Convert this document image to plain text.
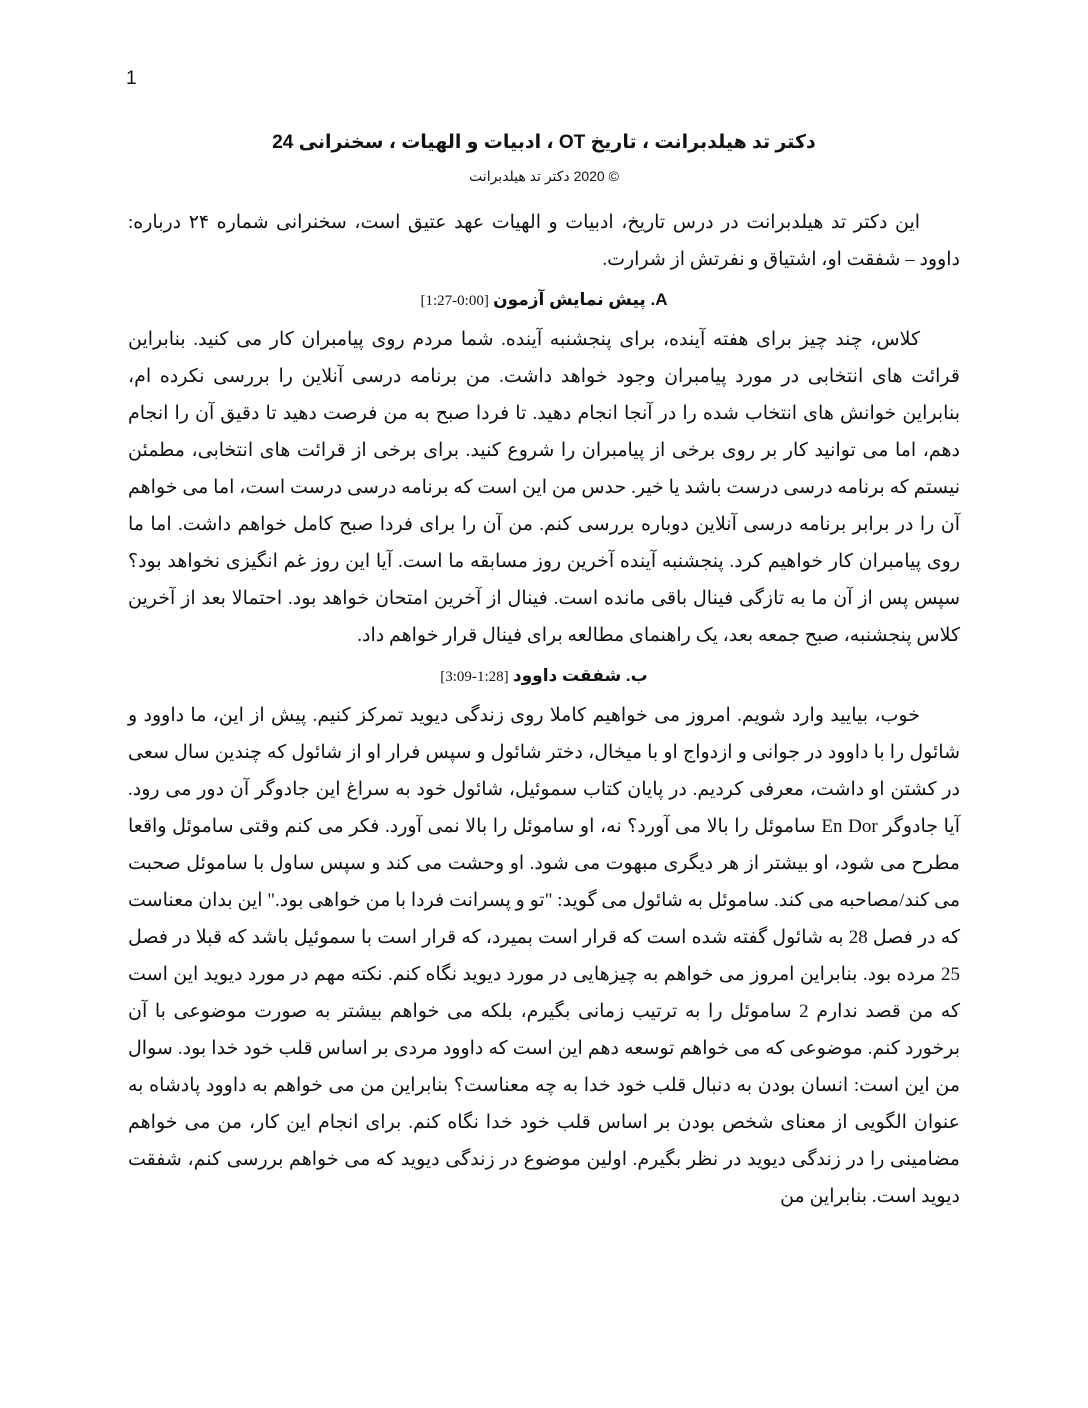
1
دکتر تد هیلدبرانت ، تاریخ OT ، ادبیات و الهیات ، سخنرانی 24
© 2020 دکتر تد هیلدبرانت

این دکتر تد هیلدبرانت در درس تاریخ، ادبیات و الهیات عهد عتیق است، سخنرانی شماره ۲۴ درباره: داوود – شفقت او، اشتیاق و نفرتش از شرارت.

A. پیش نمایش آزمون [0:00-1:27]

کلاس، چند چیز برای هفته آینده، برای پنجشنبه آینده. شما مردم روی پیامبران کار می کنید. بنابراین قرائت های انتخابی در مورد پیامبران وجود خواهد داشت. من برنامه درسی آنلاین را بررسی نکرده ام، بنابراین خوانش های انتخاب شده را در آنجا انجام دهید. تا فردا صبح به من فرصت دهید تا دقیق آن را انجام دهم، اما می توانید کار بر روی برخی از پیامبران را شروع کنید. برای برخی از قرائت های انتخابی، مطمئن نیستم که برنامه درسی درست باشد یا خیر. حدس من این است که برنامه درسی درست است، اما می خواهم آن را در برابر برنامه درسی آنلاین دوباره بررسی کنم. من آن را برای فردا صبح کامل خواهم داشت. اما ما روی پیامبران کار خواهیم کرد. پنجشنبه آینده آخرین روز مسابقه ما است. آیا این روز غم انگیزی نخواهد بود؟ سپس پس از آن ما به تازگی فینال باقی مانده است. فینال از آخرین امتحان خواهد بود. احتمالا بعد از آخرین کلاس پنجشنبه، صبح جمعه بعد، یک راهنمای مطالعه برای فینال قرار خواهم داد.

ب. شفقت داوود [1:28-3:09]

خوب، بیایید وارد شویم. امروز می خواهیم کاملا روی زندگی دیوید تمرکز کنیم. پیش از این، ما داوود و شائول را با داوود در جوانی و ازدواج او با میخال، دختر شائول و سپس فرار او از شائول که چندین سال سعی در کشتن او داشت، معرفی کردیم. در پایان کتاب سموئیل، شائول خود به سراغ این جادوگر آن دور می رود. آیا جادوگر En Dor ساموئل را بالا می آورد؟ نه، او ساموئل را بالا نمی آورد. فکر می کنم وقتی ساموئل واقعا مطرح می شود، او بیشتر از هر دیگری مبهوت می شود. او وحشت می کند و سپس ساول با ساموئل صحبت می کند/مصاحبه می کند. ساموئل به شائول می گوید: "تو و پسرانت فردا با من خواهی بود." این بدان معناست که در فصل 28 به شائول گفته شده است که قرار است بمیرد، که قرار است با سموئیل باشد که قبلا در فصل 25 مرده بود. بنابراین امروز می خواهم به چیزهایی در مورد دیوید نگاه کنم. نکته مهم در مورد دیوید این است که من قصد ندارم 2 ساموئل را به ترتیب زمانی بگیرم، بلکه می خواهم بیشتر به صورت موضوعی با آن برخورد کنم. موضوعی که می خواهم توسعه دهم این است که داوود مردی بر اساس قلب خود خدا بود. سوال من این است: انسان بودن به دنبال قلب خود خدا به چه معناست؟ بنابراین من می خواهم به داوود پادشاه به عنوان الگویی از معنای شخص بودن بر اساس قلب خود خدا نگاه کنم. برای انجام این کار، من می خواهم مضامینی را در زندگی دیوید در نظر بگیرم. اولین موضوع در زندگی دیوید که می خواهم بررسی کنم، شفقت دیوید است. بنابراین من
